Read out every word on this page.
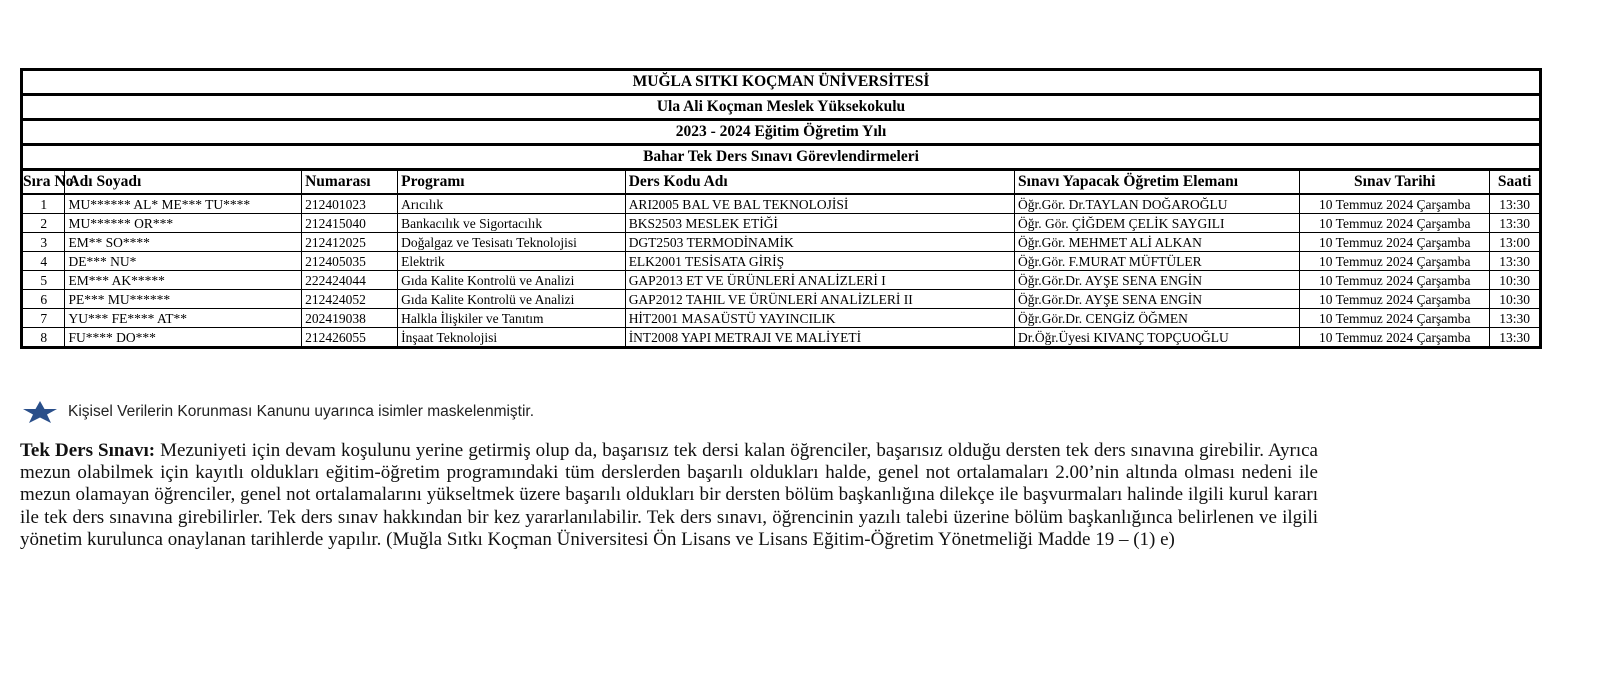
MUĞLA SITKI KOÇMAN ÜNİVERSİTESİ							
Ula Ali Koçman Meslek Yüksekokulu							
2023 - 2024 Eğitim Öğretim Yılı							
Bahar Tek Ders Sınavı Görevlendirmeleri							
Sıra No	Adı Soyadı	Numarası	Programı	Ders Kodu Adı	Sınavı Yapacak Öğretim Elemanı	Sınav Tarihi	Saati
1	MU****** AL* ME*** TU****	212401023	Arıcılık	ARI2005 BAL VE BAL TEKNOLOJİSİ	Öğr.Gör. Dr.TAYLAN DOĞAROĞLU	10 Temmuz 2024 Çarşamba	13:30
2	MU****** OR***	212415040	Bankacılık ve Sigortacılık	BKS2503 MESLEK ETİĞİ	Öğr. Gör. ÇİĞDEM ÇELİK SAYGILI	10 Temmuz 2024 Çarşamba	13:30
3	EM** SO****	212412025	Doğalgaz ve Tesisatı Teknolojisi	DGT2503 TERMODİNAMİK	Öğr.Gör. MEHMET ALİ ALKAN	10 Temmuz 2024 Çarşamba	13:00
4	DE*** NU*	212405035	Elektrik	ELK2001 TESİSATA GİRİŞ	Öğr.Gör. F.MURAT MÜFTÜLER	10 Temmuz 2024 Çarşamba	13:30
5	EM*** AK*****	222424044	Gıda Kalite Kontrolü ve Analizi	GAP2013 ET VE ÜRÜNLERİ ANALİZLERİ I	Öğr.Gör.Dr. AYŞE SENA ENGİN	10 Temmuz 2024 Çarşamba	10:30
6	PE*** MU******	212424052	Gıda Kalite Kontrolü ve Analizi	GAP2012 TAHIL VE ÜRÜNLERİ ANALİZLERİ II	Öğr.Gör.Dr. AYŞE SENA ENGİN	10 Temmuz 2024 Çarşamba	10:30
7	YU*** FE**** AT**	202419038	Halkla İlişkiler ve Tanıtım	HİT2001 MASAÜSTÜ YAYINCILIK	Öğr.Gör.Dr. CENGİZ ÖĞMEN	10 Temmuz 2024 Çarşamba	13:30
8	FU**** DO***	212426055	İnşaat Teknolojisi	İNT2008 YAPI METRAJI VE MALİYETİ	Dr.Öğr.Üyesi KIVANÇ TOPÇUOĞLU	10 Temmuz 2024 Çarşamba	13:30
Kişisel Verilerin Korunması Kanunu uyarınca isimler maskelenmiştir.
Tek Ders Sınavı: Mezuniyeti için devam koşulunu yerine getirmiş olup da, başarısız tek dersi kalan öğrenciler, başarısız olduğu dersten tek ders sınavına girebilir. Ayrıca mezun olabilmek için kayıtlı oldukları eğitim-öğretim programındaki tüm derslerden başarılı oldukları halde, genel not ortalamaları 2.00’nin altında olması nedeni ile mezun olamayan öğrenciler, genel not ortalamalarını yükseltmek üzere başarılı oldukları bir dersten bölüm başkanlığına dilekçe ile başvurmaları halinde ilgili kurul kararı ile tek ders sınavına girebilirler. Tek ders sınav hakkından bir kez yararlanılabilir. Tek ders sınavı, öğrencinin yazılı talebi üzerine bölüm başkanlığınca belirlenen ve ilgili yönetim kurulunca onaylanan tarihlerde yapılır. (Muğla Sıtkı Koçman Üniversitesi Ön Lisans ve Lisans Eğitim-Öğretim Yönetmeliği Madde 19 – (1) e)
